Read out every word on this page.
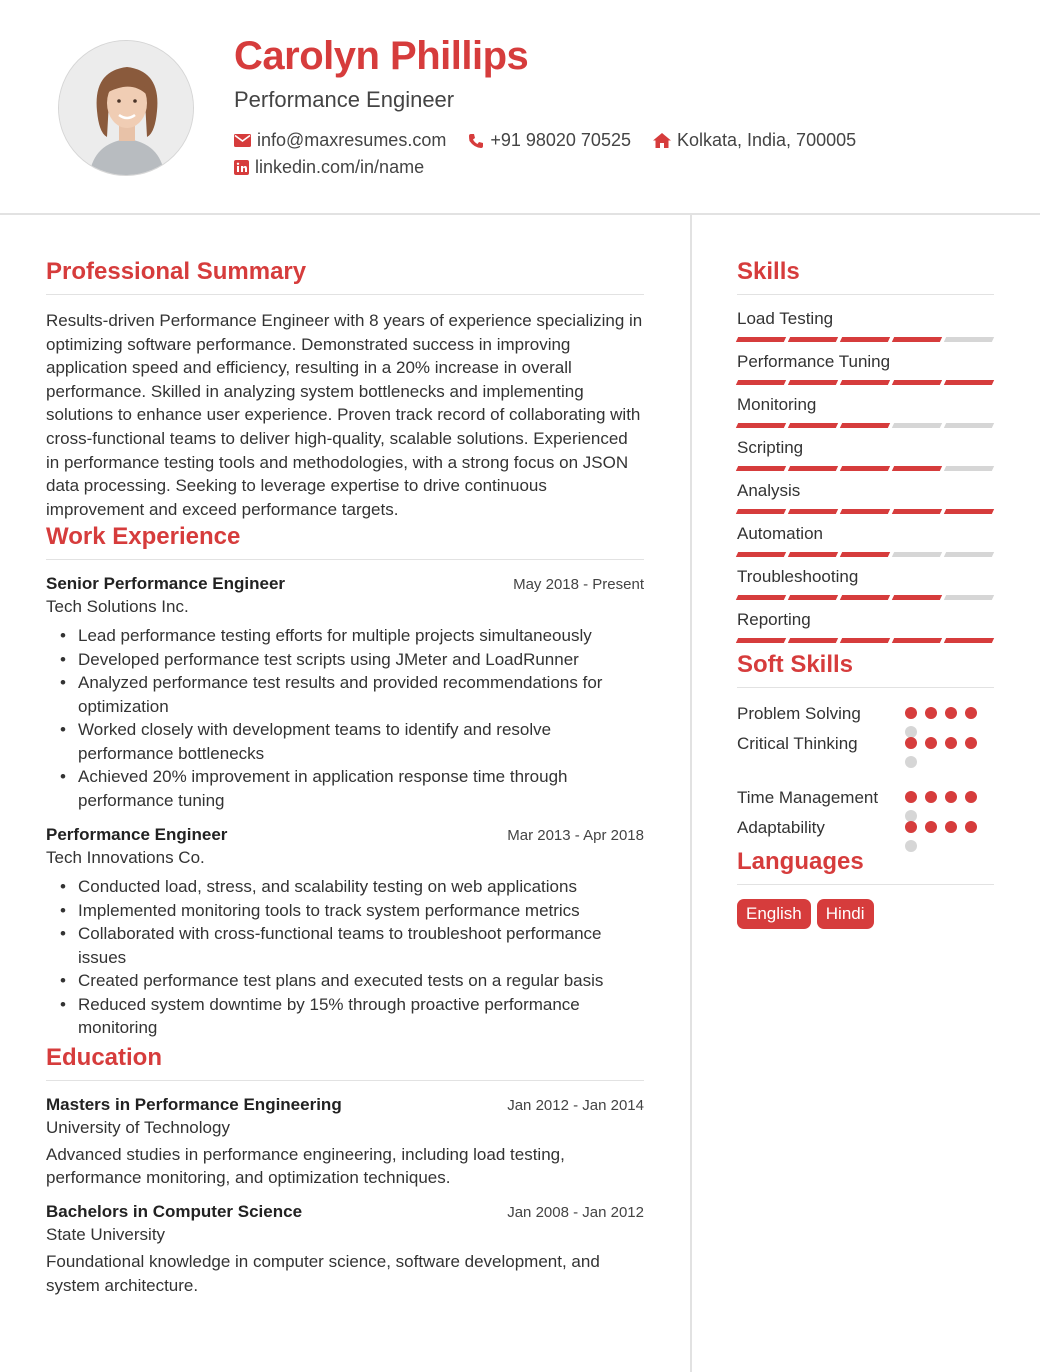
Carolyn Phillips
Performance Engineer
info@maxresumes.com +91 98020 70525	Kolkata, India, 700005
linkedin.com/in/name
Professional Summary

Results-driven Performance Engineer with 8 years of experience specializing in optimizing software performance. Demonstrated success in improving application speed and efficiency, resulting in a 20% increase in overall performance. Skilled in analyzing system bottlenecks and implementing solutions to enhance user experience. Proven track record of collaborating with cross-functional teams to deliver high-quality, scalable solutions. Experienced in performance testing tools and methodologies, with a strong focus on JSON data processing. Seeking to leverage expertise to drive continuous improvement and exceed performance targets.

Work Experience
Senior Performance Engineer	May 2018 - Present
Tech Solutions Inc.
• Lead performance testing efforts for multiple projects simultaneously
• Developed performance test scripts using JMeter and LoadRunner
• Analyzed performance test results and provided recommendations for optimization
• Worked closely with development teams to identify and resolve performance bottlenecks
• Achieved 20% improvement in application response time through performance tuning
Performance Engineer	Mar 2013 - Apr 2018
Tech Innovations Co.
• Conducted load, stress, and scalability testing on web applications
• Implemented monitoring tools to track system performance metrics
• Collaborated with cross-functional teams to troubleshoot performance issues
• Created performance test plans and executed tests on a regular basis
• Reduced system downtime by 15% through proactive performance monitoring
Education
Masters in Performance Engineering	Jan 2012 - Jan 2014
University of Technology

Advanced studies in performance engineering, including load testing, performance monitoring, and optimization techniques.

Bachelors in Computer Science	Jan 2008 - Jan 2012
State University

Foundational knowledge in computer science, software development, and system architecture.

Skills
Load Testing
Performance Tuning
Monitoring
Scripting
Analysis
Automation
Troubleshooting
Reporting
Soft Skills
Problem Solving
Critical Thinking
Time Management
Adaptability
Languages
English	Hindi
